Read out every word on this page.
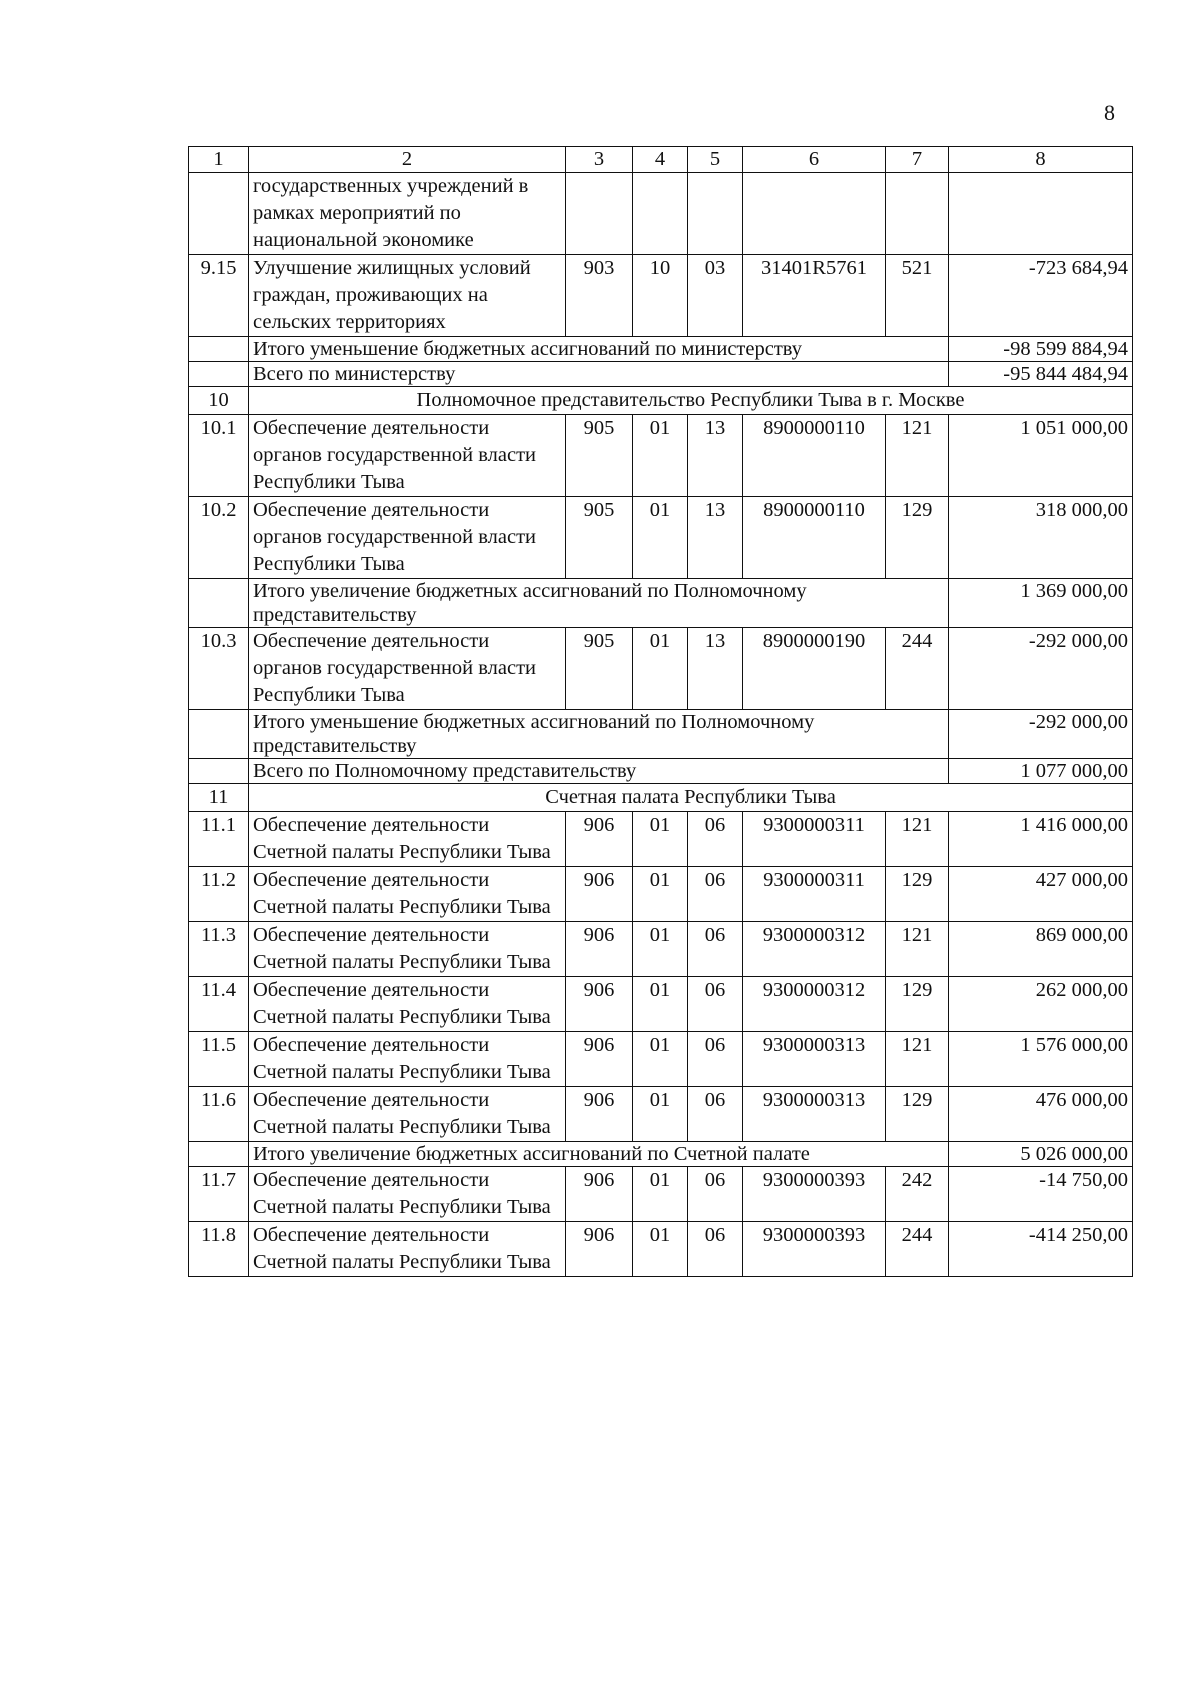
8
1	2	3	4	5	6	7	8
	государственных учреждений в рамках мероприятий по национальной экономике						
9.15	Улучшение жилищных условий граждан, проживающих на сельских территориях	903	10	03	31401R5761	521	-723 684,94
	Итого уменьшение бюджетных ассигнований по министерству						-98 599 884,94
	Всего по министерству						-95 844 484,94
10	Полномочное представительство Республики Тыва в г. Москве						
10.1	Обеспечение деятельности органов государственной власти Республики Тыва	905	01	13	8900000110	121	1 051 000,00
10.2	Обеспечение деятельности органов государственной власти Республики Тыва	905	01	13	8900000110	129	318 000,00
	Итого увеличение бюджетных ассигнований по Полномочному представительству						1 369 000,00
10.3	Обеспечение деятельности органов государственной власти Республики Тыва	905	01	13	8900000190	244	-292 000,00
	Итого уменьшение бюджетных ассигнований по Полномочному представительству						-292 000,00
	Всего по Полномочному представительству						1 077 000,00
11	Счетная палата Республики Тыва						
11.1	Обеспечение деятельности Счетной палаты Республики Тыва	906	01	06	9300000311	121	1 416 000,00
11.2	Обеспечение деятельности Счетной палаты Республики Тыва	906	01	06	9300000311	129	427 000,00
11.3	Обеспечение деятельности Счетной палаты Республики Тыва	906	01	06	9300000312	121	869 000,00
11.4	Обеспечение деятельности Счетной палаты Республики Тыва	906	01	06	9300000312	129	262 000,00
11.5	Обеспечение деятельности Счетной палаты Республики Тыва	906	01	06	9300000313	121	1 576 000,00
11.6	Обеспечение деятельности Счетной палаты Республики Тыва	906	01	06	9300000313	129	476 000,00
	Итого увеличение бюджетных ассигнований по Счетной палате						5 026 000,00
11.7	Обеспечение деятельности Счетной палаты Республики Тыва	906	01	06	9300000393	242	-14 750,00
11.8	Обеспечение деятельности Счетной палаты Республики Тыва	906	01	06	9300000393	244	-414 250,00
